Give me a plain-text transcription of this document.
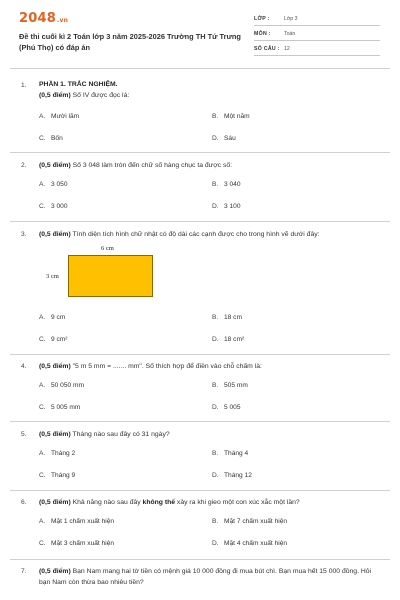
2048.vn
Đề thi cuối kì 2 Toán lớp 3 năm 2025-2026 Trường TH Tứ Trưng (Phú Thọ) có đáp án
LỚP :	Lớp 3
MÔN :	Toán
SỐ CÂU : 12
1. PHẦN 1. TRẮC NGHIỆM.
(0,5 điểm) Số IV được đọc là:
A. Mười lăm	B. Một năm
C. Bốn	D. Sáu
2. (0,5 điểm) Số 3 048 làm tròn đến chữ số hàng chục ta được số:
A. 3 050	B. 3 040
C. 3 000	D. 3 100
3. (0,5 điểm) Tính diện tích hình chữ nhật có độ dài các cạnh được cho trong hình vẽ dưới đây:
6 cm
3 cm
A. 9 cm	B. 18 cm
C. 9 cm²	D. 18 cm²
4. (0,5 điểm) "5 m 5 mm = ....... mm". Số thích hợp để điền vào chỗ chấm là:
A. 50 050 mm	B. 505 mm
C. 5 005 mm	D. 5 005
5. (0,5 điểm) Tháng nào sau đây có 31 ngày?
A. Tháng 2	B. Tháng 4
C. Tháng 9	D. Tháng 12
6. (0,5 điểm) Khả năng nào sau đây không thể xảy ra khi gieo một con xúc xắc một lần?
A. Mặt 1 chấm xuất hiện	B. Mặt 7 chấm xuất hiện
C. Mặt 3 chấm xuất hiện	D. Mặt 4 chấm xuất hiện
7. (0,5 điểm) Bạn Nam mang hai tờ tiền có mệnh giá 10 000 đồng đi mua bút chì. Bạn mua hết 15 000 đồng. Hỏi bạn Nam còn thừa bao nhiêu tiền?
